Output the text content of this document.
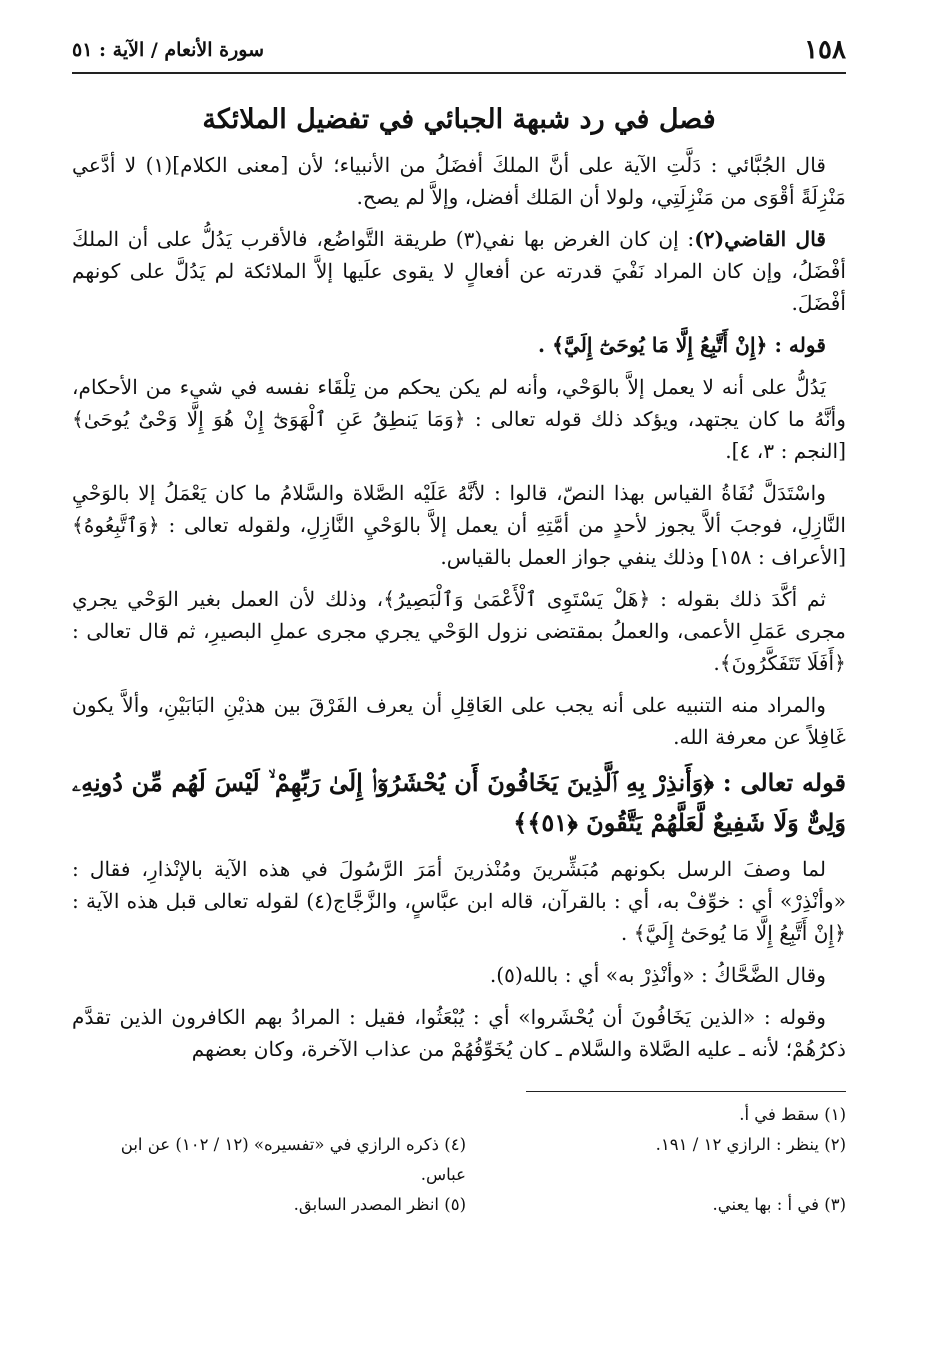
١٥٨
سورة الأنعام / الآية : ٥١
فصل في رد شبهة الجبائي في تفضيل الملائكة

قال الجُبَّائي : دَلَّتِ الآية على أنَّ الملكَ أفضَلُ من الأنبياء؛ لأن [معنى الكلام](١) لا أدَّعي مَنْزِلَةً أقْوَى من مَنْزِلَتِي، ولولا أن المَلك أفضل، وإلاَّ لم يصح.

قال القاضي(٢): إن كان الغرض بها نفي(٣) طريقة التَّواضُع، فالأقرب يَدُلُّ على أن الملكَ أفْضَلُ، وإن كان المراد نَفْيَ قدرته عن أفعالٍ لا يقوى علَيها إلاَّ الملائكة لم يَدُلَّ على كونهم أفْضَلَ.

قوله : ﴿إِنْ أَتَّبِعُ إِلَّا مَا يُوحَىٰٓ إِلَيَّ﴾ .

يَدُلُّ على أنه لا يعمل إلاَّ بالوَحْي، وأنه لم يكن يحكم من تِلْقَاء نفسه في شيء من الأحكام، وأنَّهُ ما كان يجتهد، ويؤكد ذلك قوله تعالى : ﴿وَمَا يَنطِقُ عَنِ ٱلْهَوَىٰٓ إِنْ هُوَ إِلَّا وَحْىٌ يُوحَىٰ﴾ [النجم : ٣، ٤].

واسْتَدَلَّ نُفَاةُ القياس بهذا النصّ، قالوا : لأنَّهُ عَلَيْه الصَّلاة والسَّلامُ ما كان يَعْمَلُ إلا بالوَحْيِ النَّازِلِ، فوجبَ ألاَّ يجوز لأحدٍ من أمَّتِهِ أن يعمل إلاَّ بالوَحْيِ النَّازِلِ، ولقوله تعالى : ﴿وَٱتَّبِعُوهُ﴾ [الأعراف : ١٥٨] وذلك ينفي جواز العمل بالقياس.

ثم أكَّدَ ذلك بقوله : ﴿هَلْ يَسْتَوِى ٱلْأَعْمَىٰ وَٱلْبَصِيرُ﴾، وذلك لأن العمل بغير الوَحْي يجري مجرى عَمَلِ الأعمى، والعملُ بمقتضى نزول الوَحْي يجري مجرى عملِ البصيرِ، ثم قال تعالى : ﴿أَفَلَا تَتَفَكَّرُونَ﴾.

والمراد منه التنبيه على أنه يجب على العَاقِلِ أن يعرف الفَرْقَ بين هذيْنِ البَابَيْنِ، وألاَّ يكون غَافِلاً عن معرفة الله.

قوله تعالى : ﴿وَأَنذِرْ بِهِ ٱلَّذِينَ يَخَافُونَ أَن يُحْشَرُوٓا۟ إِلَىٰ رَبِّهِمْ ۙ لَيْسَ لَهُم مِّن دُونِهِۦ وَلِىٌّ وَلَا شَفِيعٌ لَّعَلَّهُمْ يَتَّقُونَ ﴿٥١﴾﴾

لما وصفَ الرسل بكونهم مُبَشِّرينَ ومُنْذرينَ أمَرَ الرَّسُولَ في هذه الآية بالإنْذارِ، فقال : «وأنْذِرْ» أي : خوِّفْ به، أي : بالقرآن، قاله ابن عبَّاسٍ، والزَّجَّاج(٤) لقوله تعالى قبل هذه الآية : ﴿إِنْ أَتَّبِعُ إِلَّا مَا يُوحَىٰٓ إِلَيَّ﴾ .

وقال الضَّحَّاكُ : «وأنْذِرْ به» أي : بالله(٥).

وقوله : «الذين يَخَافُونَ أن يُحْشَروا» أي : يُبْعَثُوا، فقيل : المرادُ بهم الكافرون الذين تقدَّم ذكرُهُمْ؛ لأنه ـ عليه الصَّلاة والسَّلام ـ كان يُخَوِّفُهُمْ من عذاب الآخرة، وكان بعضهم

(١) سقط في أ.
(٢) ينظر : الرازي ١٢ / ١٩١.
(٤) ذكره الرازي في «تفسيره» (١٢ / ١٠٢) عن ابن عباس.
(٣) في أ : بها يعني.
(٥) انظر المصدر السابق.
